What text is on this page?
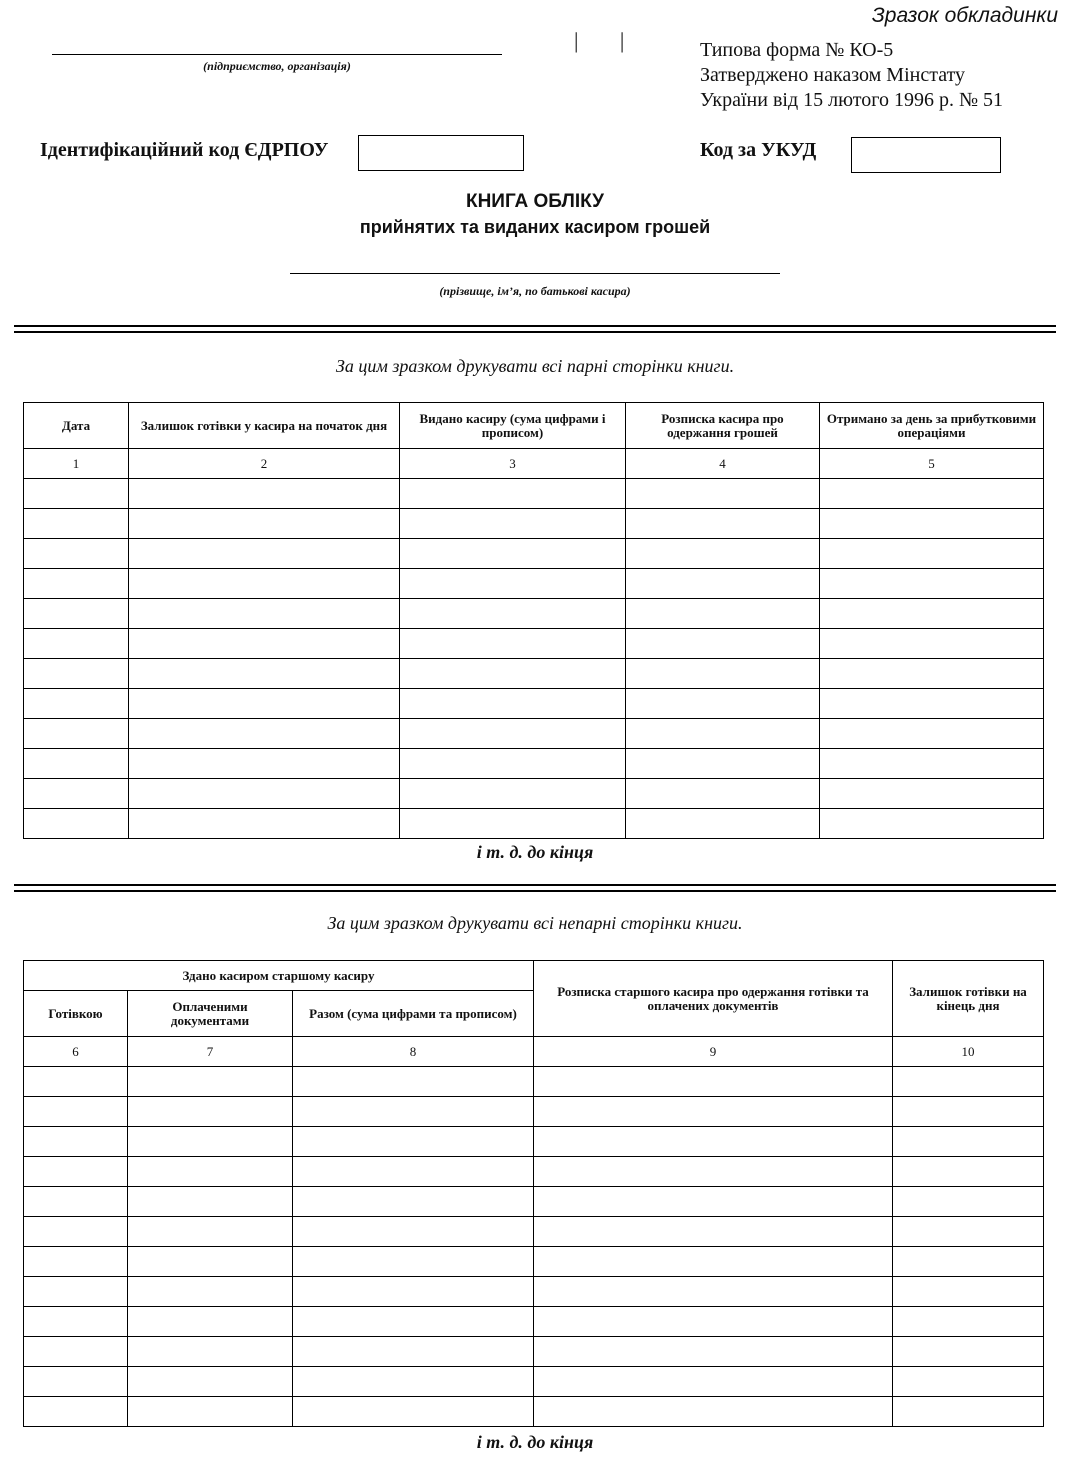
Зразок обкладинки
(підприємство, організація)
| |	Типова форма № КО-5
Затверджено наказом Мінстату
України від 15 лютого 1996 р. № 51
Ідентифікаційний код ЄДРПОУ	Код за УКУД
КНИГА ОБЛІКУ
прийнятих та виданих касиром грошей
(прізвище, ім’я, по батькові касира)
За цим зразком друкувати всі парні сторінки книги.
Дата	Залишок готівки у касира на початок дня	Видано касиру (сума цифрами і прописом)	Розписка касира про одержання грошей	Отримано за день за прибутковими операціями
1	2	3	4	5

і т. д. до кінця
За цим зразком друкувати всі непарні сторінки книги.
Здано касиром старшому касиру			Розписка старшого касира про одержання готівки та оплачених документів	Залишок готівки на кінець дня
Готівкою	Оплаченими документами	Разом (сума цифрами та прописом)		
6	7	8	9	10

і т. д. до кінця
